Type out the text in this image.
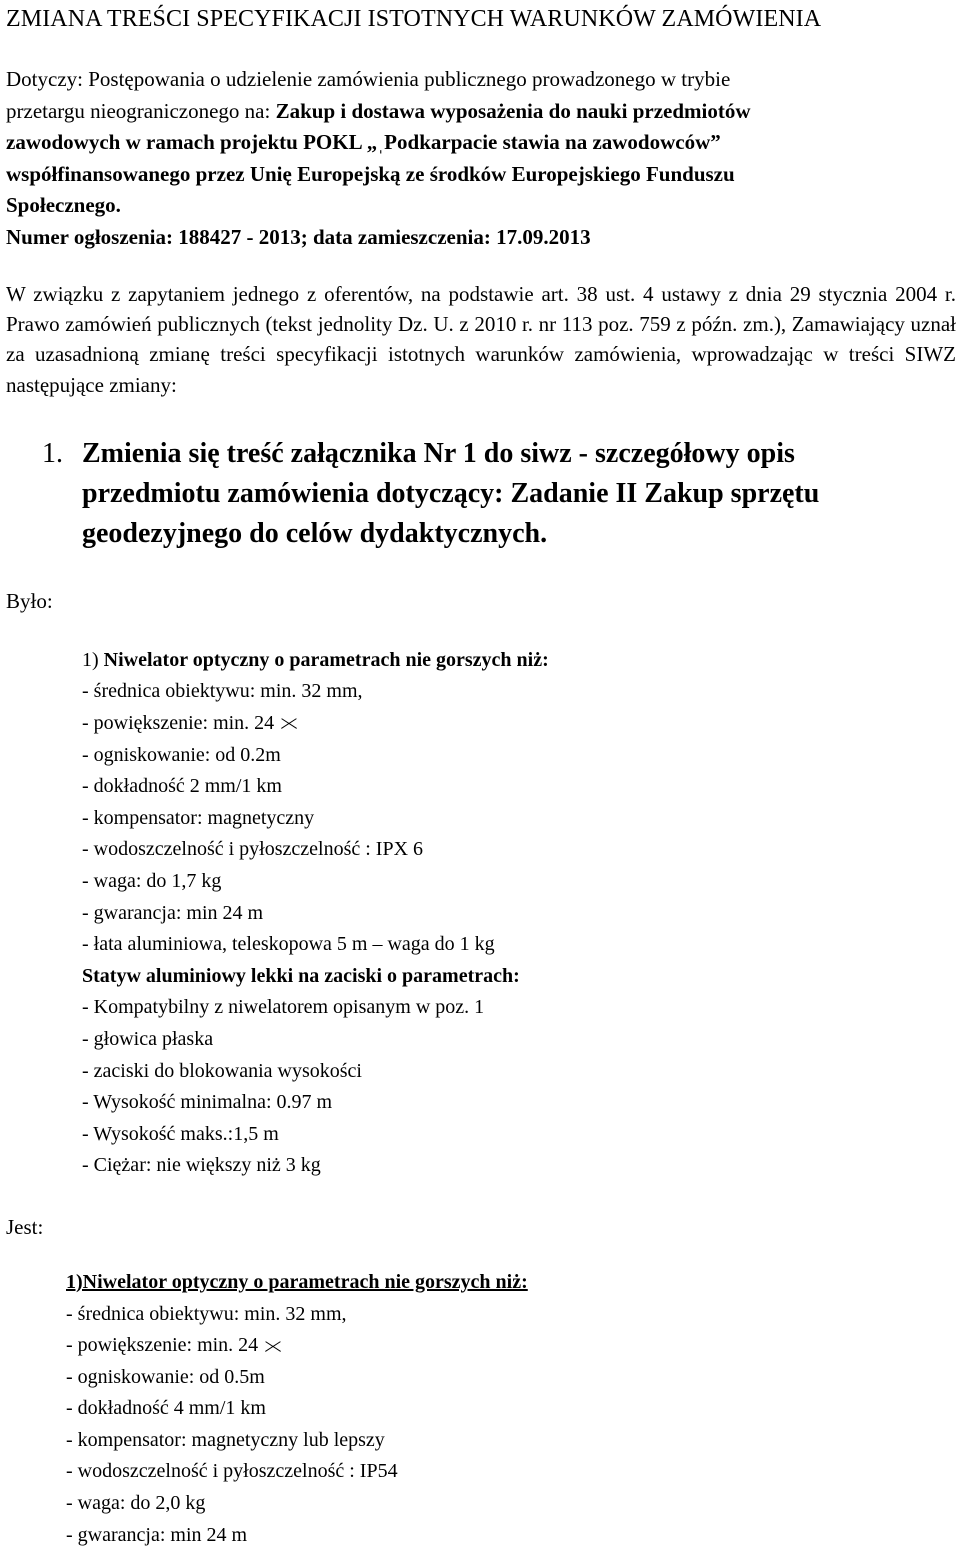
ZMIANA TREŚCI SPECYFIKACJI ISTOTNYCH WARUNKÓW ZAMÓWIENIA
Dotyczy: Postępowania o udzielenie zamówienia publicznego prowadzonego w trybie
przetargu nieograniczonego na: Zakup i dostawa wyposażenia do nauki przedmiotów
zawodowych w ramach projektu POKL „ˌPodkarpacie stawia na zawodowców”
współfinansowanego przez Unię Europejską ze środków Europejskiego Funduszu
Społecznego.
Numer ogłoszenia: 188427 - 2013; data zamieszczenia: 17.09.2013
W związku z zapytaniem jednego z oferentów, na podstawie art. 38 ust. 4 ustawy z dnia 29 stycznia 2004 r. Prawo zamówień publicznych (tekst jednolity Dz. U. z 2010 r. nr 113 poz. 759 z późn. zm.), Zamawiający uznał za uzasadnioną zmianę treści specyfikacji istotnych warunków zamówienia, wprowadzając w treści SIWZ następujące zmiany:
1. Zmienia się treść załącznika Nr 1 do siwz - szczegółowy opis
przedmiotu zamówienia dotyczący: Zadanie II Zakup sprzętu
geodezyjnego do celów dydaktycznych.
Było:
1) Niwelator optyczny o parametrach nie gorszych niż:
- średnica obiektywu: min. 32 mm,
- powiększenie: min. 24
- ogniskowanie: od 0.2m
- dokładność 2 mm/1 km
- kompensator: magnetyczny
- wodoszczelność i pyłoszczelność : IPX 6
- waga: do 1,7 kg
- gwarancja: min 24 m
- łata aluminiowa, teleskopowa 5 m – waga do 1 kg
Statyw aluminiowy lekki na zaciski o parametrach:
- Kompatybilny z niwelatorem opisanym w poz. 1
- głowica płaska
- zaciski do blokowania wysokości
- Wysokość minimalna: 0.97 m
- Wysokość maks.:1,5 m
- Ciężar: nie większy niż 3 kg
Jest:
1)Niwelator optyczny o parametrach nie gorszych niż:
- średnica obiektywu: min. 32 mm,
- powiększenie: min. 24
- ogniskowanie: od 0.5m
- dokładność 4 mm/1 km
- kompensator: magnetyczny lub lepszy
- wodoszczelność i pyłoszczelność : IP54
- waga: do 2,0 kg
- gwarancja: min 24 m
